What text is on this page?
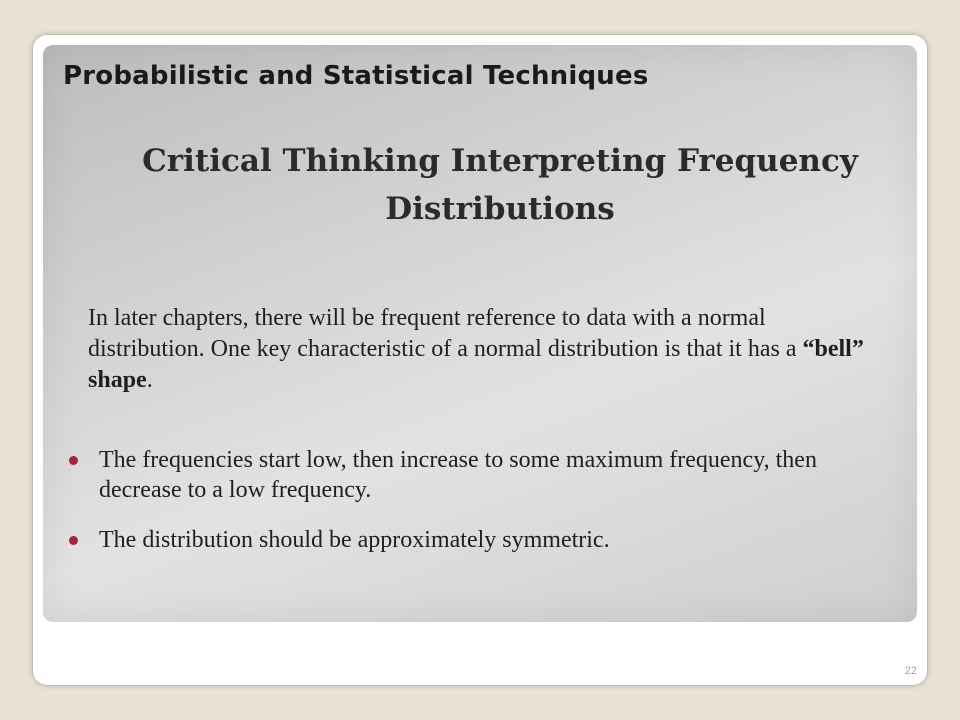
Probabilistic and Statistical Techniques
Critical Thinking Interpreting Frequency Distributions

In later chapters, there will be frequent reference to data with a normal distribution. One key characteristic of a normal distribution is that it has a “bell” shape.

The frequencies start low, then increase to some maximum frequency, then decrease to a low frequency.
The distribution should be approximately symmetric.
22
